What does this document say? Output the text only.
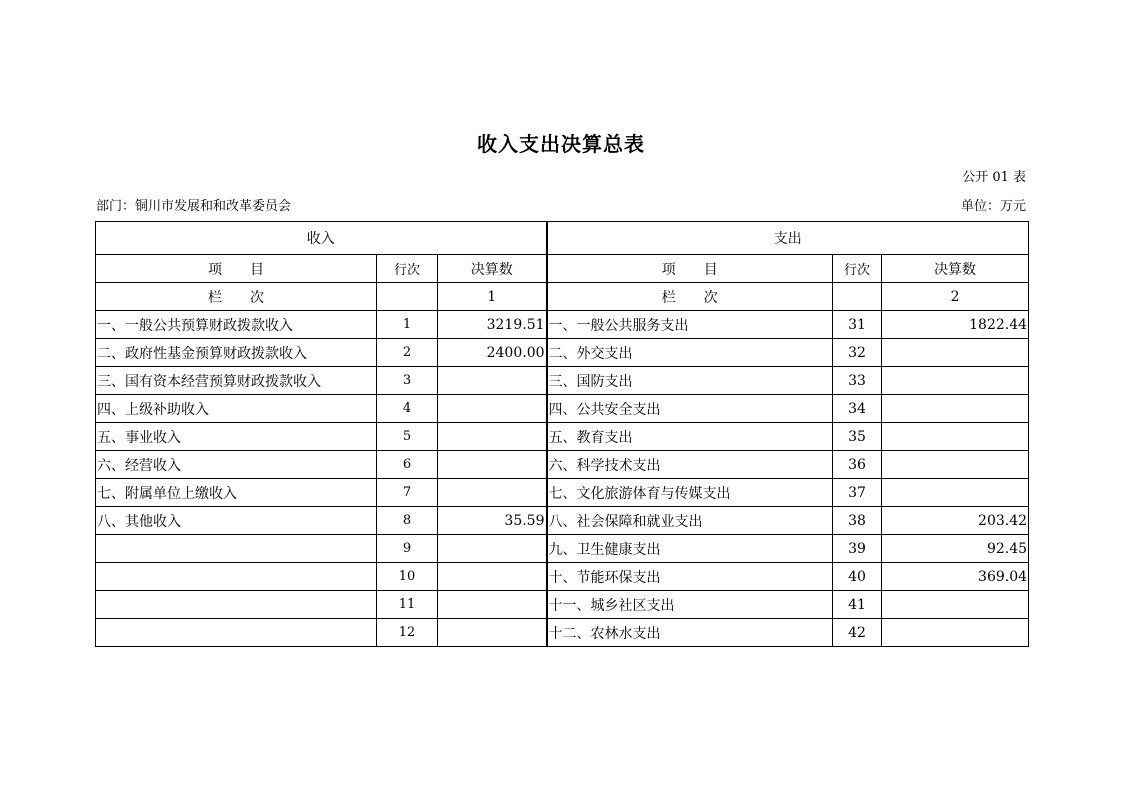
收入支出决算总表
公开 01 表
部门：铜川市发展和和改革委员会	单位：万元
收入			支出		
项　　目	行次	决算数	项　　目	行次	决算数
栏　　次		1	栏　　次		2
一、一般公共预算财政拨款收入	1	3219.51	一、一般公共服务支出	31	1822.44
二、政府性基金预算财政拨款收入	2	2400.00	二、外交支出	32	
三、国有资本经营预算财政拨款收入	3		三、国防支出	33	
四、上级补助收入	4		四、公共安全支出	34	
五、事业收入	5		五、教育支出	35	
六、经营收入	6		六、科学技术支出	36	
七、附属单位上缴收入	7		七、文化旅游体育与传媒支出	37	
八、其他收入	8	35.59	八、社会保障和就业支出	38	203.42
	9		九、卫生健康支出	39	92.45
	10		十、节能环保支出	40	369.04
	11		十一、城乡社区支出	41	
	12		十二、农林水支出	42	
